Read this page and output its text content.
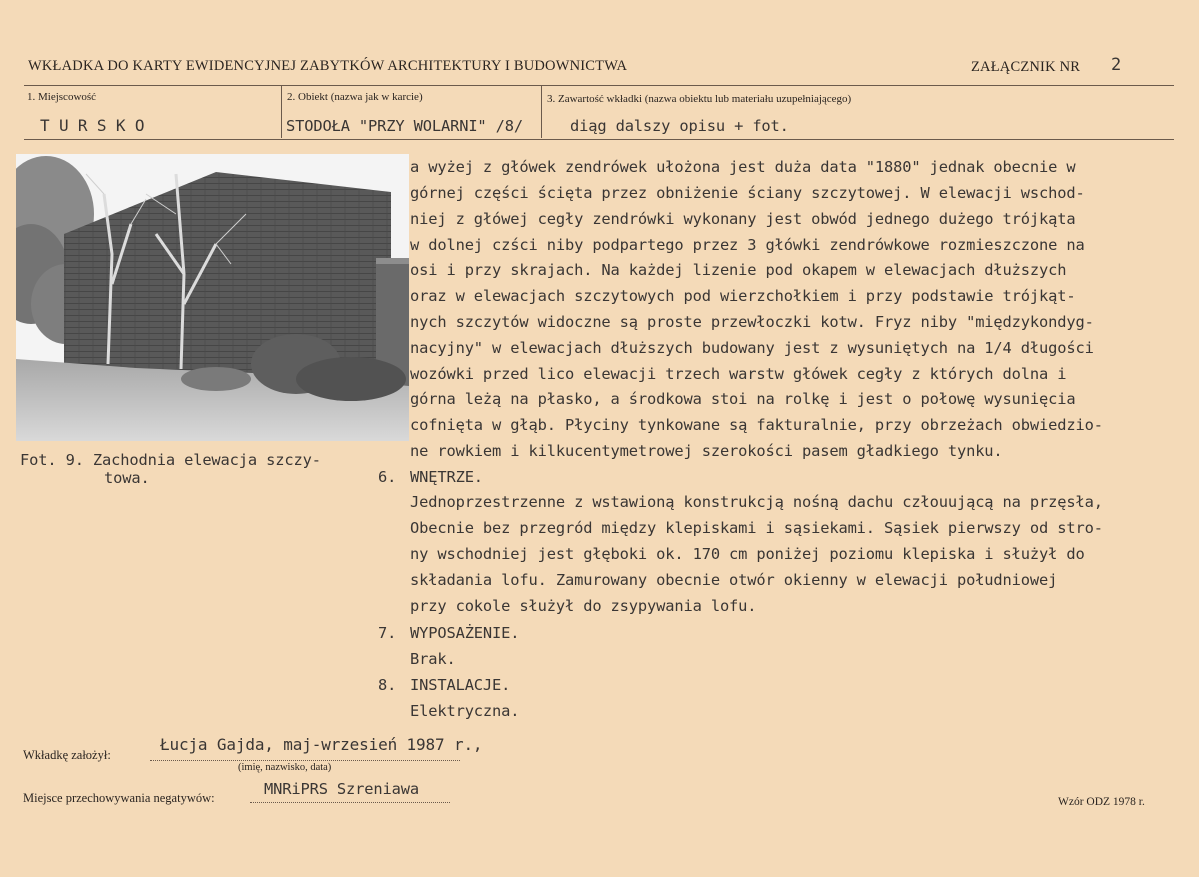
WKŁADKA DO KARTY EWIDENCYJNEJ ZABYTKÓW ARCHITEKTURY I BUDOWNICTWA	ZAŁĄCZNIK NR 2
1. Miejscowość
T U R S K O
2. Obiekt (nazwa jak w karcie)
STODOŁA "PRZY WOLARNI" /8/
3. Zawartość wkładki (nazwa obiektu lub materiału uzupełniającego)
diąg dalszy opisu + fot.
Fot. 9. Zachodnia elewacja szczy-
towa.
a wyżej z główek zendrówek ułożona jest duża data "1880" jednak obecnie w
górnej części ścięta przez obniżenie ściany szczytowej. W elewacji wschod-
niej z główej cegły zendrówki wykonany jest obwód jednego dużego trójkąta
w dolnej czści niby podpartego przez 3 główki zendrówkowe rozmieszczone na
osi i przy skrajach. Na każdej lizenie pod okapem w elewacjach dłuższych
oraz w elewacjach szczytowych pod wierzchołkiem i przy podstawie trójkąt-
nych szczytów widoczne są proste przewłoczki kotw. Fryz niby "międzykondyg-
nacyjny" w elewacjach dłuższych budowany jest z wysuniętych na 1/4 długości
wozówki przed lico elewacji trzech warstw główek cegły z których dolna i
górna leżą na płasko, a środkowa stoi na rolkę i jest o połowę wysunięcia
cofnięta w głąb. Płyciny tynkowane są fakturalnie, przy obrzeżach obwiedzio-
ne rowkiem i kilkucentymetrowej szerokości pasem gładkiego tynku.
6. WNĘTRZE.
Jednoprzestrzenne z wstawioną konstrukcją nośną dachu człouującą na przęsła,
Obecnie bez przegród między klepiskami i sąsiekami. Sąsiek pierwszy od stro-
ny wschodniej jest głęboki ok. 170 cm poniżej poziomu klepiska i służył do
składania lofu. Zamurowany obecnie otwór okienny w elewacji południowej
przy cokole służył do zsypywania lofu.
7. WYPOSAŻENIE.
Brak.
8. INSTALACJE.
Elektryczna.
Wkładkę założył:
Łucja Gajda, maj-wrzesień 1987 r.,
(imię, nazwisko, data)
Miejsce przechowywania negatywów:	MNRiPRS Szreniawa
Wzór ODZ 1978 r.
